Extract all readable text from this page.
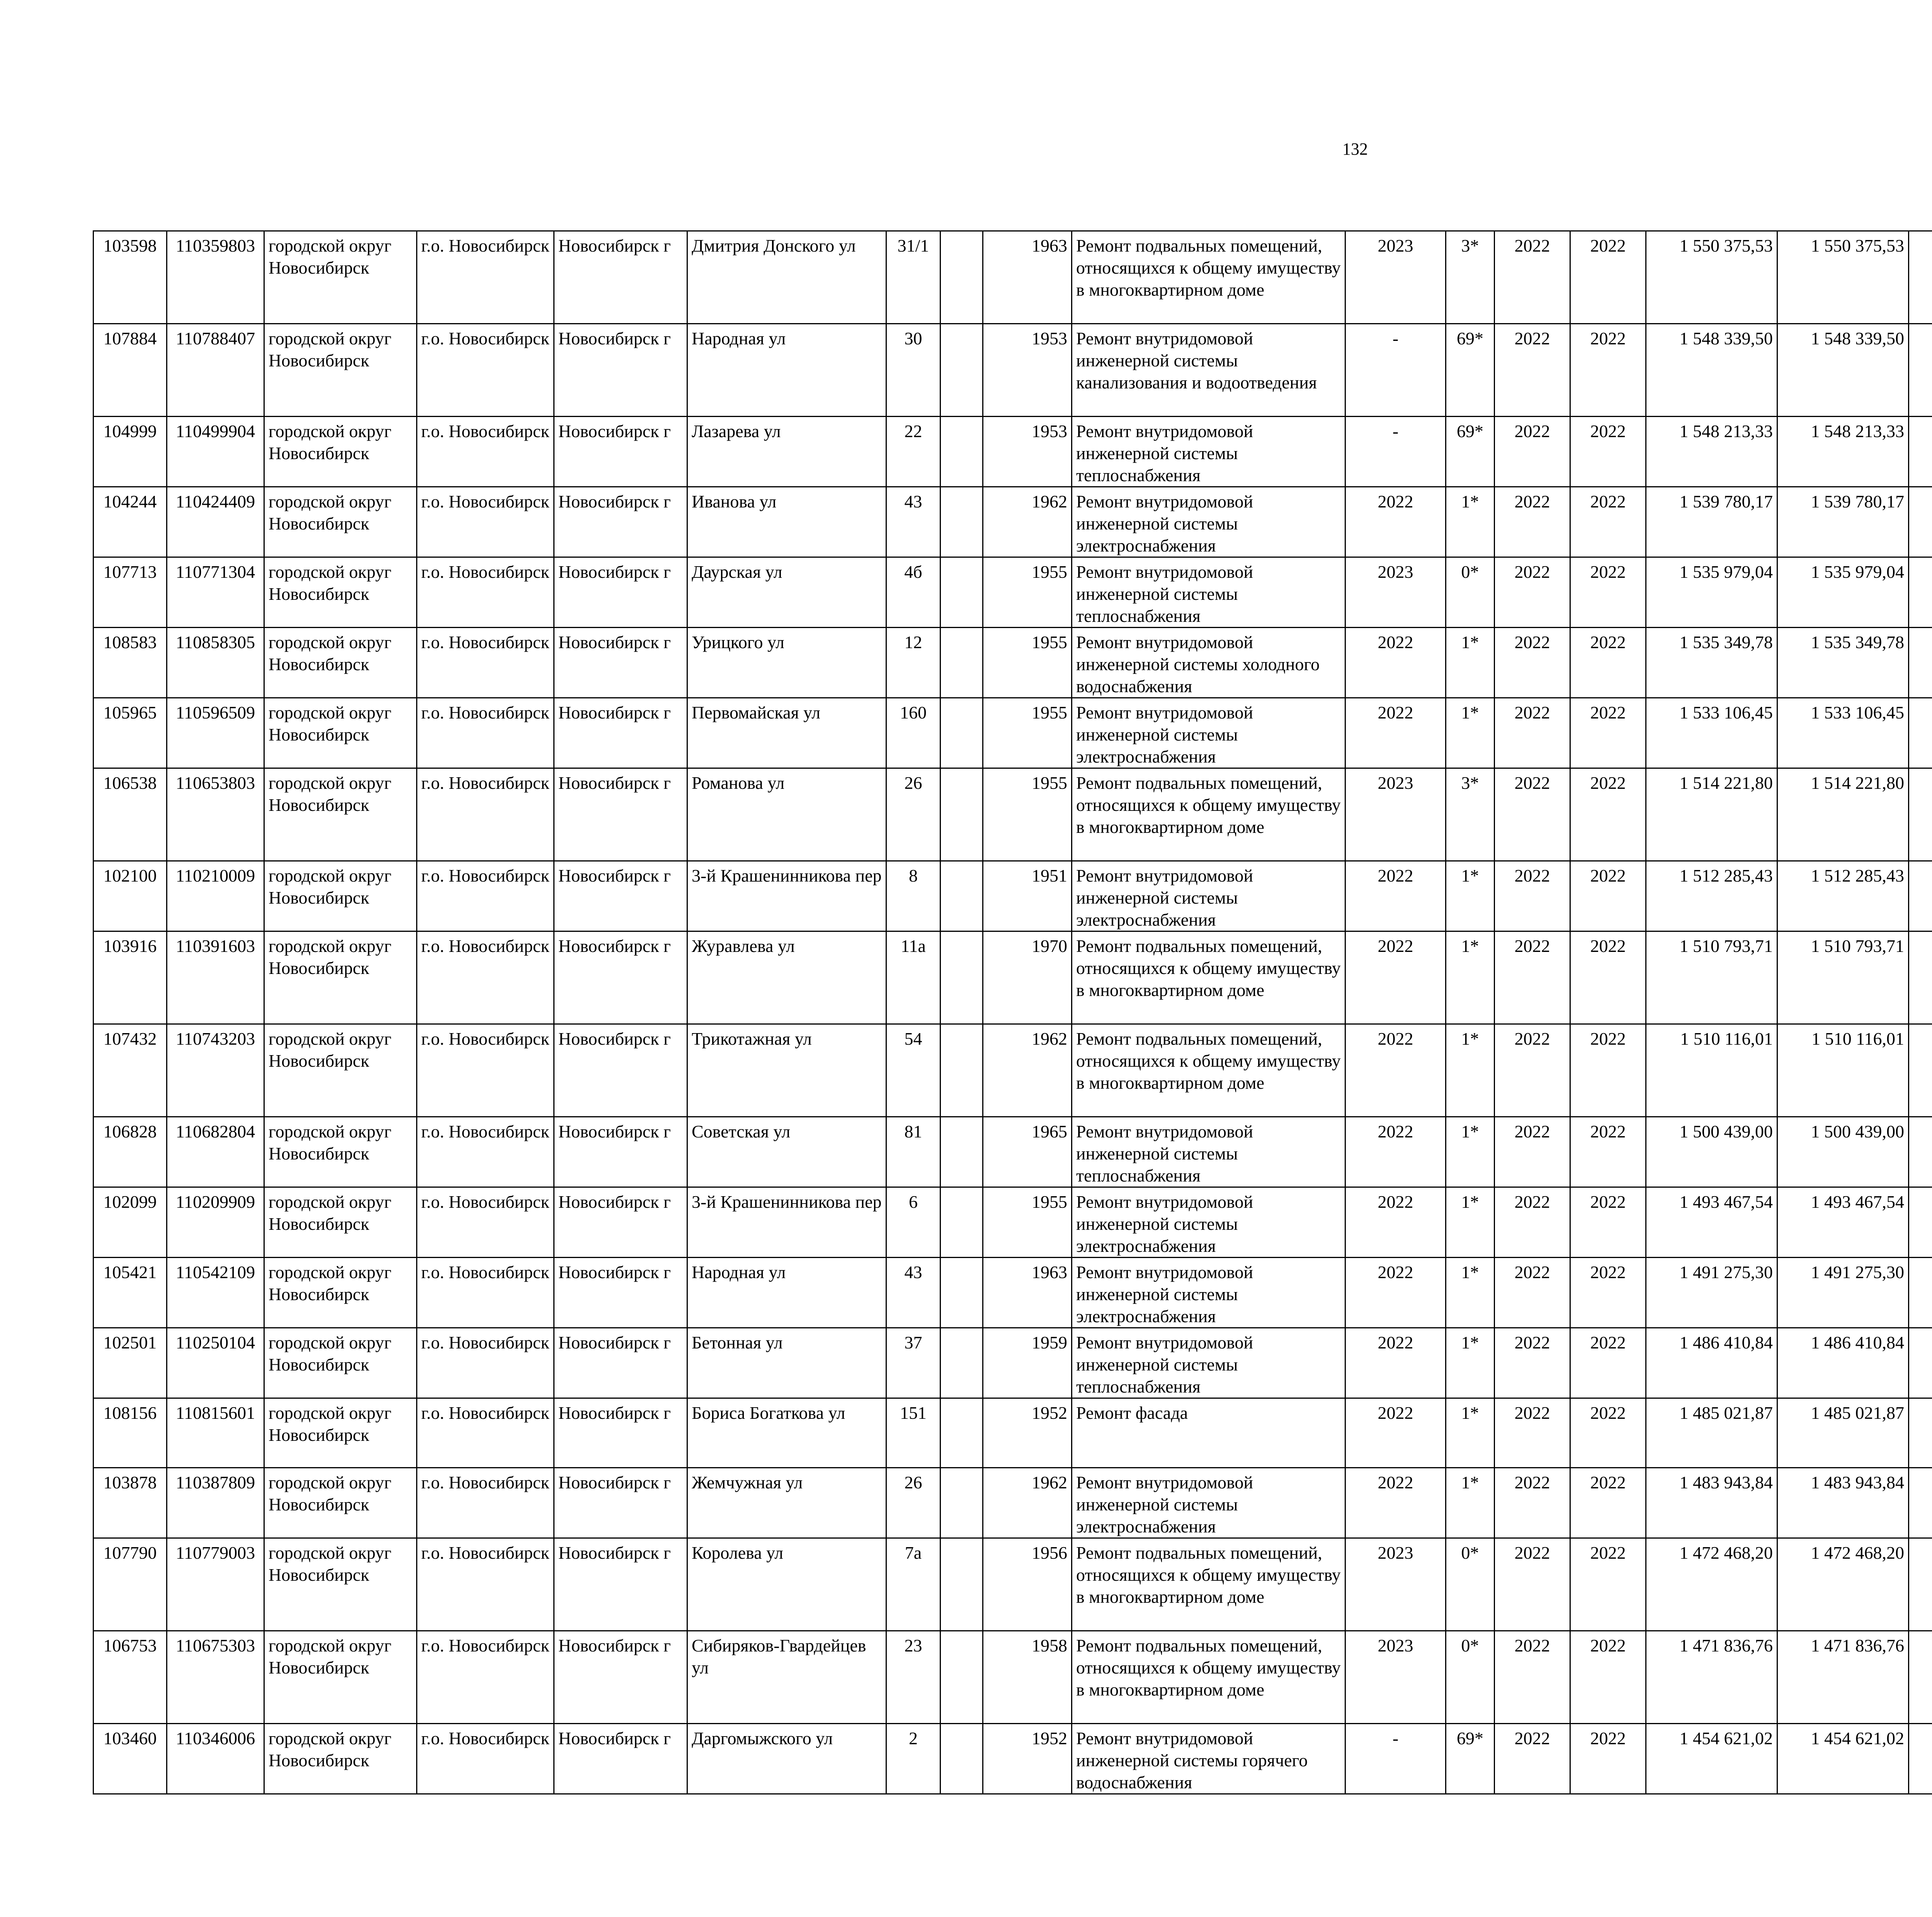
132
103598	110359803	городской округ Новосибирск	г.о. Новосибирск	Новосибирск г	Дмитрия Донского ул	31/1		1963	Ремонт подвальных помещений, относящихся к общему имуществу в многоквартирном доме	2023	3*	2022	2022	1 550 375,53	1 550 375,53						
107884	110788407	городской округ Новосибирск	г.о. Новосибирск	Новосибирск г	Народная ул	30		1953	Ремонт внутридомовой инженерной системы канализования и водоотведения	-	69*	2022	2022	1 548 339,50	1 548 339,50						
104999	110499904	городской округ Новосибирск	г.о. Новосибирск	Новосибирск г	Лазарева ул	22		1953	Ремонт внутридомовой инженерной системы теплоснабжения	-	69*	2022	2022	1 548 213,33	1 548 213,33						
104244	110424409	городской округ Новосибирск	г.о. Новосибирск	Новосибирск г	Иванова ул	43		1962	Ремонт внутридомовой инженерной системы электроснабжения	2022	1*	2022	2022	1 539 780,17	1 539 780,17						
107713	110771304	городской округ Новосибирск	г.о. Новосибирск	Новосибирск г	Даурская ул	4б		1955	Ремонт внутридомовой инженерной системы теплоснабжения	2023	0*	2022	2022	1 535 979,04	1 535 979,04						
108583	110858305	городской округ Новосибирск	г.о. Новосибирск	Новосибирск г	Урицкого ул	12		1955	Ремонт внутридомовой инженерной системы холодного водоснабжения	2022	1*	2022	2022	1 535 349,78	1 535 349,78						
105965	110596509	городской округ Новосибирск	г.о. Новосибирск	Новосибирск г	Первомайская ул	160		1955	Ремонт внутридомовой инженерной системы электроснабжения	2022	1*	2022	2022	1 533 106,45	1 533 106,45						
106538	110653803	городской округ Новосибирск	г.о. Новосибирск	Новосибирск г	Романова ул	26		1955	Ремонт подвальных помещений, относящихся к общему имуществу в многоквартирном доме	2023	3*	2022	2022	1 514 221,80	1 514 221,80						
102100	110210009	городской округ Новосибирск	г.о. Новосибирск	Новосибирск г	3-й Крашенинникова пер	8		1951	Ремонт внутридомовой инженерной системы электроснабжения	2022	1*	2022	2022	1 512 285,43	1 512 285,43						
103916	110391603	городской округ Новосибирск	г.о. Новосибирск	Новосибирск г	Журавлева ул	11а		1970	Ремонт подвальных помещений, относящихся к общему имуществу в многоквартирном доме	2022	1*	2022	2022	1 510 793,71	1 510 793,71						
107432	110743203	городской округ Новосибирск	г.о. Новосибирск	Новосибирск г	Трикотажная ул	54		1962	Ремонт подвальных помещений, относящихся к общему имуществу в многоквартирном доме	2022	1*	2022	2022	1 510 116,01	1 510 116,01						
106828	110682804	городской округ Новосибирск	г.о. Новосибирск	Новосибирск г	Советская ул	81		1965	Ремонт внутридомовой инженерной системы теплоснабжения	2022	1*	2022	2022	1 500 439,00	1 500 439,00						
102099	110209909	городской округ Новосибирск	г.о. Новосибирск	Новосибирск г	3-й Крашенинникова пер	6		1955	Ремонт внутридомовой инженерной системы электроснабжения	2022	1*	2022	2022	1 493 467,54	1 493 467,54						
105421	110542109	городской округ Новосибирск	г.о. Новосибирск	Новосибирск г	Народная ул	43		1963	Ремонт внутридомовой инженерной системы электроснабжения	2022	1*	2022	2022	1 491 275,30	1 491 275,30						
102501	110250104	городской округ Новосибирск	г.о. Новосибирск	Новосибирск г	Бетонная ул	37		1959	Ремонт внутридомовой инженерной системы теплоснабжения	2022	1*	2022	2022	1 486 410,84	1 486 410,84						
108156	110815601	городской округ Новосибирск	г.о. Новосибирск	Новосибирск г	Бориса Богаткова ул	151		1952	Ремонт фасада	2022	1*	2022	2022	1 485 021,87	1 485 021,87						
103878	110387809	городской округ Новосибирск	г.о. Новосибирск	Новосибирск г	Жемчужная ул	26		1962	Ремонт внутридомовой инженерной системы электроснабжения	2022	1*	2022	2022	1 483 943,84	1 483 943,84						
107790	110779003	городской округ Новосибирск	г.о. Новосибирск	Новосибирск г	Королева ул	7а		1956	Ремонт подвальных помещений, относящихся к общему имуществу в многоквартирном доме	2023	0*	2022	2022	1 472 468,20	1 472 468,20						
106753	110675303	городской округ Новосибирск	г.о. Новосибирск	Новосибирск г	Сибиряков-Гвардейцев ул	23		1958	Ремонт подвальных помещений, относящихся к общему имуществу в многоквартирном доме	2023	0*	2022	2022	1 471 836,76	1 471 836,76						
103460	110346006	городской округ Новосибирск	г.о. Новосибирск	Новосибирск г	Даргомыжского ул	2		1952	Ремонт внутридомовой инженерной системы горячего водоснабжения	-	69*	2022	2022	1 454 621,02	1 454 621,02						
